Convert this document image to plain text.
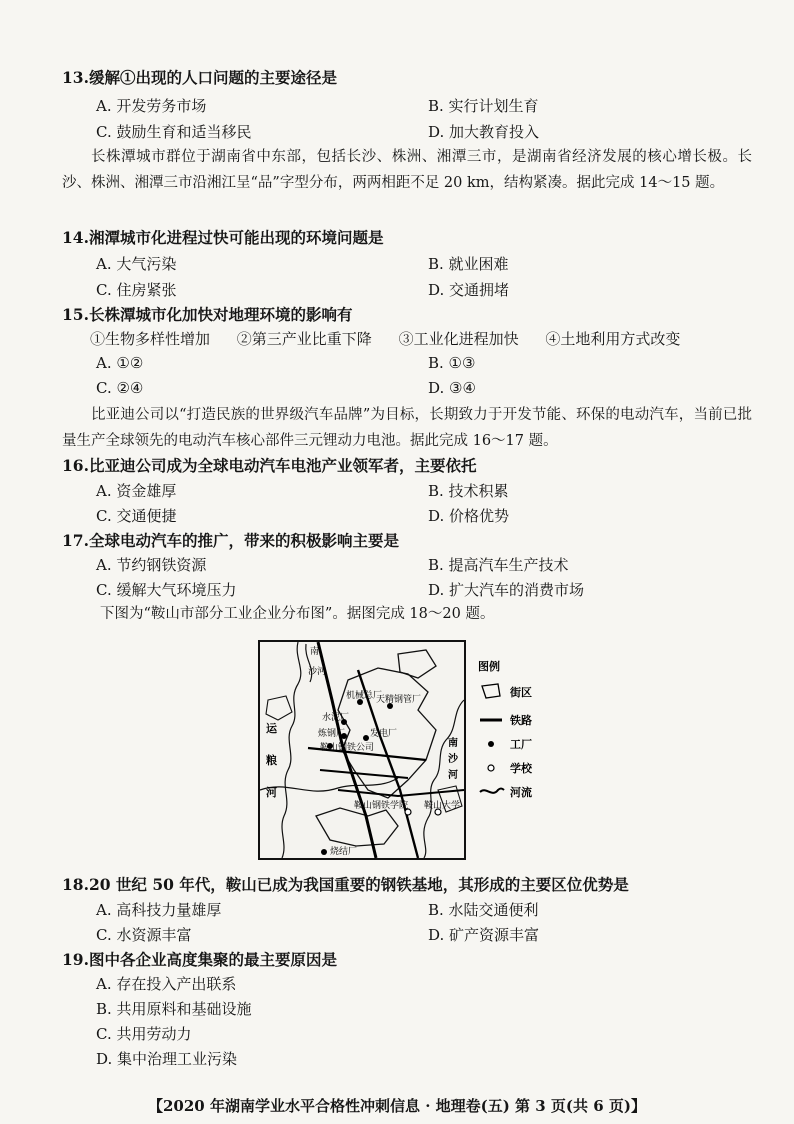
13.缓解①出现的人口问题的主要途径是
A. 开发劳务市场	B. 实行计划生育
C. 鼓励生育和适当移民	D. 加大教育投入
长株潭城市群位于湖南省中东部，包括长沙、株洲、湘潭三市，是湖南省经济发展的核心增长极。长沙、株洲、湘潭三市沿湘江呈“品”字型分布，两两相距不足 20 km，结构紧凑。据此完成 14～15 题。
14.湘潭城市化进程过快可能出现的环境问题是
A. 大气污染	B. 就业困难
C. 住房紧张	D. 交通拥堵
15.长株潭城市化加快对地理环境的影响有
①生物多样性增加 ②第三产业比重下降 ③工业化进程加快 ④土地利用方式改变
A. ①②	B. ①③
C. ②④	D. ③④
比亚迪公司以“打造民族的世界级汽车品牌”为目标，长期致力于开发节能、环保的电动汽车，当前已批量生产全球领先的电动汽车核心部件三元锂动力电池。据此完成 16～17 题。
16.比亚迪公司成为全球电动汽车电池产业领军者，主要依托
A. 资金雄厚	B. 技术积累
C. 交通便捷	D. 价格优势
17.全球电动汽车的推广，带来的积极影响主要是
A. 节约钢铁资源	B. 提高汽车生产技术
C. 缓解大气环境压力	D. 扩大汽车的消费市场
下图为“鞍山市部分工业企业分布图”。据图完成 18～20 题。
南
沙河
机械总厂
天精钢管厂
水泥厂
炼钢厂	发电厂
鞍山钢铁公司
运
粮
河
南
沙
河
鞍山钢铁学院 鞍山大学
烧结厂
图例
街区
铁路
工厂
学校
河流
18.20 世纪 50 年代，鞍山已成为我国重要的钢铁基地，其形成的主要区位优势是
A. 高科技力量雄厚	B. 水陆交通便利
C. 水资源丰富	D. 矿产资源丰富
19.图中各企业高度集聚的最主要原因是
A. 存在投入产出联系
B. 共用原料和基础设施
C. 共用劳动力
D. 集中治理工业污染
【2020 年湖南学业水平合格性冲刺信息 · 地理卷(五) 第 3 页(共 6 页)】
